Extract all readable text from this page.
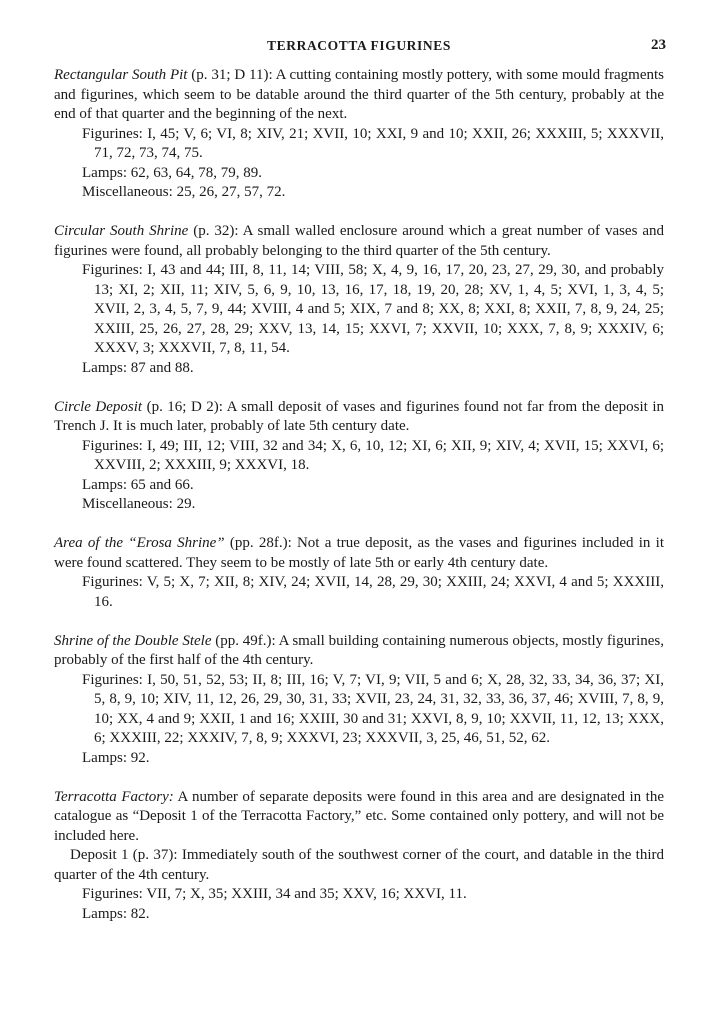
TERRACOTTA FIGURINES	23

Rectangular South Pit (p. 31; D 11): A cutting containing mostly pottery, with some mould fragments and figurines, which seem to be datable around the third quarter of the 5th century, probably at the end of that quarter and the beginning of the next.

Figurines: I, 45; V, 6; VI, 8; XIV, 21; XVII, 10; XXI, 9 and 10; XXII, 26; XXXIII, 5; XXXVII, 71, 72, 73, 74, 75.

Lamps: 62, 63, 64, 78, 79, 89.

Miscellaneous: 25, 26, 27, 57, 72.

Circular South Shrine (p. 32): A small walled enclosure around which a great number of vases and figurines were found, all probably belonging to the third quarter of the 5th century.

Figurines: I, 43 and 44; III, 8, 11, 14; VIII, 58; X, 4, 9, 16, 17, 20, 23, 27, 29, 30, and probably 13; XI, 2; XII, 11; XIV, 5, 6, 9, 10, 13, 16, 17, 18, 19, 20, 28; XV, 1, 4, 5; XVI, 1, 3, 4, 5; XVII, 2, 3, 4, 5, 7, 9, 44; XVIII, 4 and 5; XIX, 7 and 8; XX, 8; XXI, 8; XXII, 7, 8, 9, 24, 25; XXIII, 25, 26, 27, 28, 29; XXV, 13, 14, 15; XXVI, 7; XXVII, 10; XXX, 7, 8, 9; XXXIV, 6; XXXV, 3; XXXVII, 7, 8, 11, 54.

Lamps: 87 and 88.

Circle Deposit (p. 16; D 2): A small deposit of vases and figurines found not far from the deposit in Trench J. It is much later, probably of late 5th century date.

Figurines: I, 49; III, 12; VIII, 32 and 34; X, 6, 10, 12; XI, 6; XII, 9; XIV, 4; XVII, 15; XXVI, 6; XXVIII, 2; XXXIII, 9; XXXVI, 18.

Lamps: 65 and 66.

Miscellaneous: 29.

Area of the “Erosa Shrine” (pp. 28f.): Not a true deposit, as the vases and figurines included in it were found scattered. They seem to be mostly of late 5th or early 4th century date.

Figurines: V, 5; X, 7; XII, 8; XIV, 24; XVII, 14, 28, 29, 30; XXIII, 24; XXVI, 4 and 5; XXXIII, 16.

Shrine of the Double Stele (pp. 49f.): A small building containing numerous objects, mostly figurines, probably of the first half of the 4th century.

Figurines: I, 50, 51, 52, 53; II, 8; III, 16; V, 7; VI, 9; VII, 5 and 6; X, 28, 32, 33, 34, 36, 37; XI, 5, 8, 9, 10; XIV, 11, 12, 26, 29, 30, 31, 33; XVII, 23, 24, 31, 32, 33, 36, 37, 46; XVIII, 7, 8, 9, 10; XX, 4 and 9; XXII, 1 and 16; XXIII, 30 and 31; XXVI, 8, 9, 10; XXVII, 11, 12, 13; XXX, 6; XXXIII, 22; XXXIV, 7, 8, 9; XXXVI, 23; XXXVII, 3, 25, 46, 51, 52, 62.

Lamps: 92.

Terracotta Factory: A number of separate deposits were found in this area and are designated in the catalogue as “Deposit 1 of the Terracotta Factory,” etc. Some contained only pottery, and will not be included here.

Deposit 1 (p. 37): Immediately south of the southwest corner of the court, and datable in the third quarter of the 4th century.

Figurines: VII, 7; X, 35; XXIII, 34 and 35; XXV, 16; XXVI, 11.

Lamps: 82.
